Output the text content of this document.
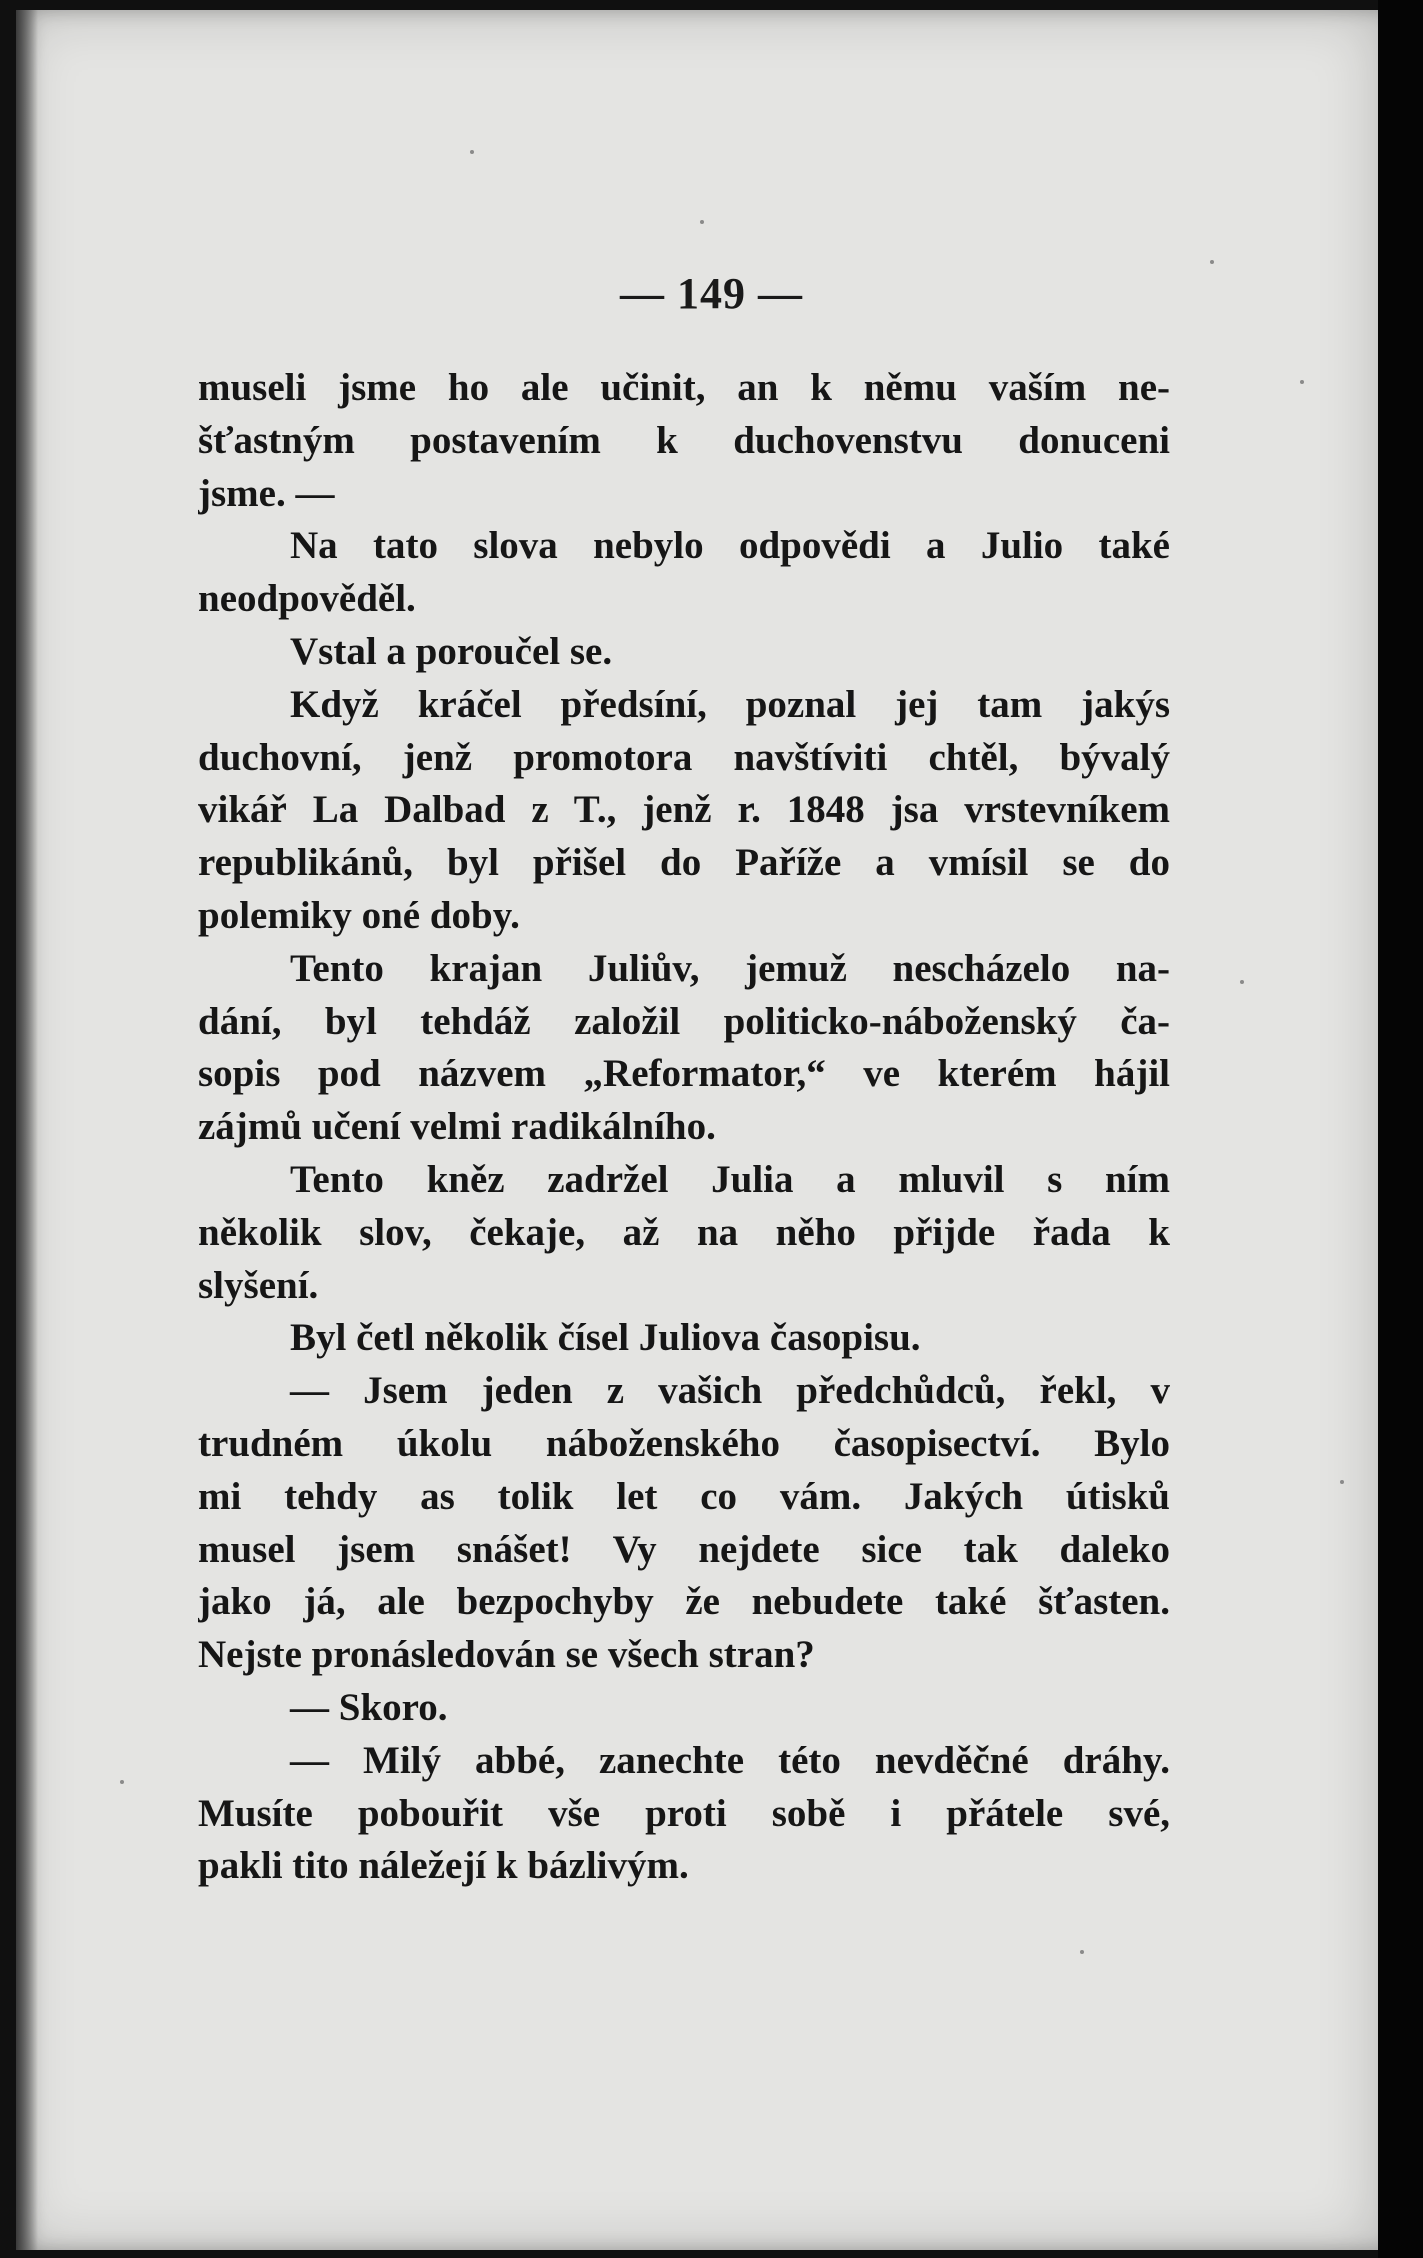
— 149 —
museli jsme ho ale učinit, an k němu vaším ne-
šťastným postavením k duchovenstvu donuceni
jsme. —
Na tato slova nebylo odpovědi a Julio také
neodpověděl.
Vstal a poroučel se.
Když kráčel předsíní, poznal jej tam jakýs
duchovní, jenž promotora navštíviti chtěl, bývalý
vikář La Dalbad z T., jenž r. 1848 jsa vrstevníkem
republikánů, byl přišel do Paříže a vmísil se do
polemiky oné doby.
Tento krajan Juliův, jemuž nescházelo na-
dání, byl tehdáž založil politicko-náboženský ča-
sopis pod názvem „Reformator,“ ve kterém hájil
zájmů učení velmi radikálního.
Tento kněz zadržel Julia a mluvil s ním
několik slov, čekaje, až na něho přijde řada k
slyšení.
Byl četl několik čísel Juliova časopisu.
— Jsem jeden z vašich předchůdců, řekl, v
trudném úkolu náboženského časopisectví. Bylo
mi tehdy as tolik let co vám. Jakých útisků
musel jsem snášet! Vy nejdete sice tak daleko
jako já, ale bezpochyby že nebudete také šťasten.
Nejste pronásledován se všech stran?
— Skoro.
— Milý abbé, zanechte této nevděčné dráhy.
Musíte pobouřit vše proti sobě i přátele své,
pakli tito náležejí k bázlivým.
